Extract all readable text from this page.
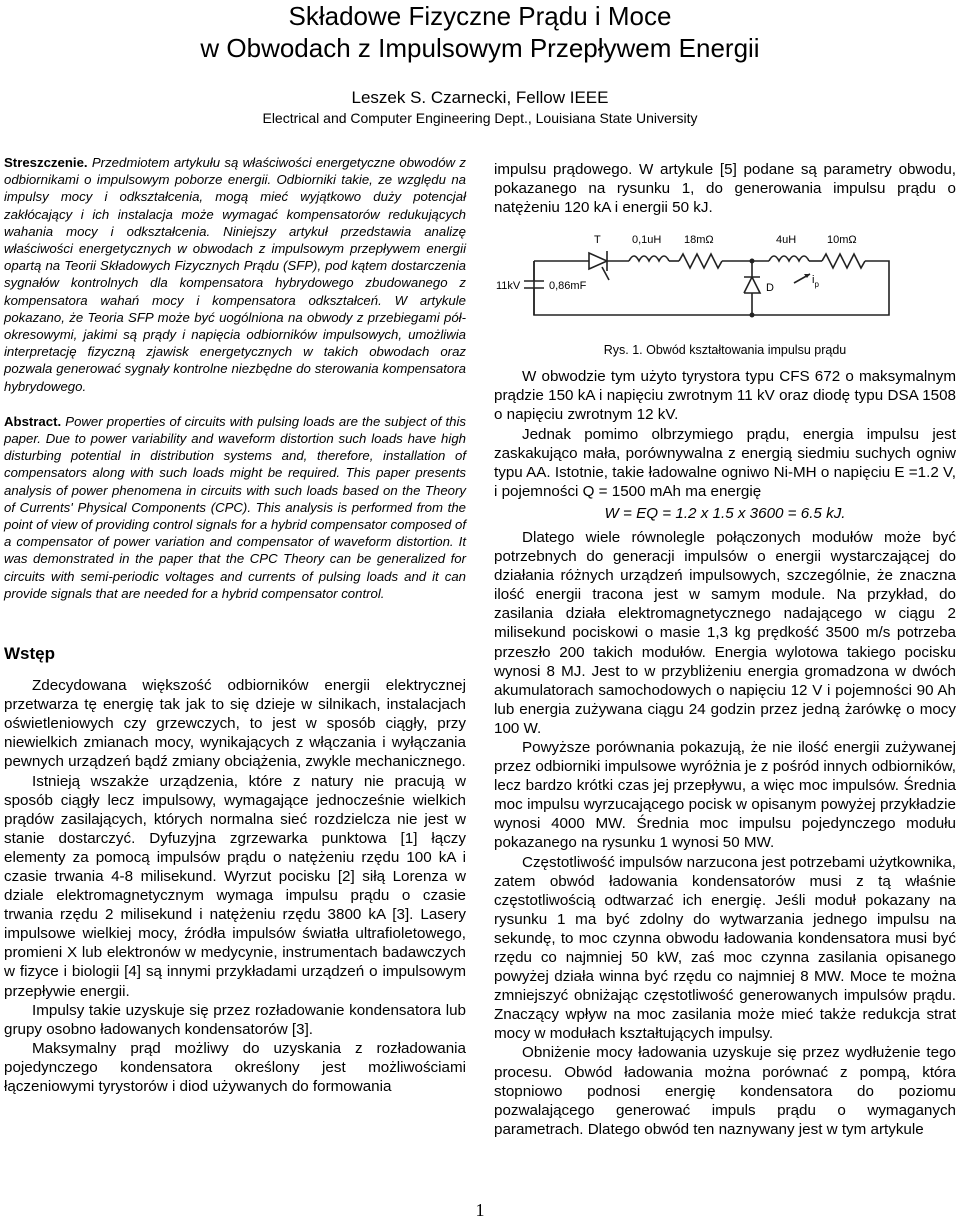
Składowe Fizyczne Prądu i Moce
w Obwodach z Impulsowym Przepływem Energii
Leszek S. Czarnecki, Fellow IEEE
Electrical and Computer Engineering Dept., Louisiana State University

Streszczenie. Przedmiotem artykułu są właściwości energetyczne obwodów z odbiornikami o impulsowym poborze energii. Odbiorniki takie, ze względu na impulsy mocy i odkształcenia, mogą mieć wyjątkowo duży potencjał zakłócający i ich instalacja może wymagać kompensatorów redukujących wahania mocy i odkształcenia. Niniejszy artykuł przedstawia analizę właściwości energetycznych w obwodach z impulsowym przepływem energii opartą na Teorii Składowych Fizycznych Prądu (SFP), pod kątem dostarczenia sygnałów kontrolnych dla kompensatora hybrydowego zbudowanego z kompensatora wahań mocy i kompensatora odkształceń. W artykule pokazano, że Teoria SFP może być uogólniona na obwody z przebiegami pół-okresowymi, jakimi są prądy i napięcia odbiorników impulsowych, umożliwia interpretację fizyczną zjawisk energetycznych w takich obwodach oraz pozwala generować sygnały kontrolne niezbędne do sterowania kompensatora hybrydowego.

Abstract. Power properties of circuits with pulsing loads are the subject of this paper. Due to power variability and waveform distortion such loads have high disturbing potential in distribution systems and, therefore, installation of compensators along with such loads might be required. This paper presents analysis of power phenomena in circuits with such loads based on the Theory of Currents' Physical Components (CPC). This analysis is performed from the point of view of providing control signals for a hybrid compensator composed of a compensator of power variation and compensator of waveform distortion. It was demonstrated in the paper that the CPC Theory can be generalized for circuits with semi-periodic voltages and currents of pulsing loads and it can provide signals that are needed for a hybrid compensator control.

Wstęp

Zdecydowana większość odbiorników energii elektrycznej przetwarza tę energię tak jak to się dzieje w silnikach, instalacjach oświetleniowych czy grzewczych, to jest w sposób ciągły, przy niewielkich zmianach mocy, wynikających z włączania i wyłączania pewnych urządzeń bądź zmiany obciążenia, zwykle mechanicznego.

Istnieją wszakże urządzenia, które z natury nie pracują w sposób ciągły lecz impulsowy, wymagające jednocześnie wielkich prądów zasilających, których normalna sieć rozdzielcza nie jest w stanie dostarczyć. Dyfuzyjna zgrzewarka punktowa [1] łączy elementy za pomocą impulsów prądu o natężeniu rzędu 100 kA i czasie trwania 4-8 milisekund. Wyrzut pocisku [2] siłą Lorenza w dziale elektromagnetycznym wymaga impulsu prądu o czasie trwania rzędu 2 milisekund i natężeniu rzędu 3800 kA [3]. Lasery impulsowe wielkiej mocy, źródła impulsów światła ultrafioletowego, promieni X lub elektronów w medycynie, instrumentach badawczych w fizyce i biologii [4] są innymi przykładami urządzeń o impulsowym przepływie energii.

Impulsy takie uzyskuje się przez rozładowanie kondensatora lub grupy osobno ładowanych kondensatorów [3].

Maksymalny prąd możliwy do uzyskania z rozładowania pojedynczego kondensatora określony jest możliwościami łączeniowymi tyrystorów i diod używanych do formowania

impulsu prądowego. W artykule [5] podane są parametry obwodu, pokazanego na rysunku 1, do generowania impulsu prądu o natężeniu 120 kA i energii 50 kJ.

T	0,1uH 18mΩ	4uH	10mΩ
11kV	0,86mF	D
$i_p$
Rys. 1. Obwód kształtowania impulsu prądu

W obwodzie tym użyto tyrystora typu CFS 672 o maksymalnym prądzie 150 kA i napięciu zwrotnym 11 kV oraz diodę typu DSA 1508 o napięciu zwrotnym 12 kV.

Jednak pomimo olbrzymiego prądu, energia impulsu jest zaskakująco mała, porównywalna z energią siedmiu suchych ogniw typu AA. Istotnie, takie ładowalne ogniwo Ni-MH o napięciu E =1.2 V, i pojemności Q = 1500 mAh ma energię

W = EQ = 1.2 x 1.5 x 3600 = 6.5 kJ.

Dlatego wiele równolegle połączonych modułów może być potrzebnych do generacji impulsów o energii wystarczającej do działania różnych urządzeń impulsowych, szczególnie, że znaczna ilość energii tracona jest w samym module. Na przykład, do zasilania działa elektromagnetycznego nadającego w ciągu 2 milisekund pociskowi o masie 1,3 kg prędkość 3500 m/s potrzeba przeszło 200 takich modułów. Energia wylotowa takiego pocisku wynosi 8 MJ. Jest to w przybliżeniu energia gromadzona w dwóch akumulatorach samochodowych o napięciu 12 V i pojemności 90 Ah lub energia zużywana ciągu 24 godzin przez jedną żarówkę o mocy 100 W.

Powyższe porównania pokazują, że nie ilość energii zużywanej przez odbiorniki impulsowe wyróżnia je z pośród innych odbiorników, lecz bardzo krótki czas jej przepływu, a więc moc impulsów. Średnia moc impulsu wyrzucającego pocisk w opisanym powyżej przykładzie wynosi 4000 MW. Średnia moc impulsu pojedynczego modułu pokazanego na rysunku 1 wynosi 50 MW.

Częstotliwość impulsów narzucona jest potrzebami użytkownika, zatem obwód ładowania kondensatorów musi z tą właśnie częstotliwością odtwarzać ich energię. Jeśli moduł pokazany na rysunku 1 ma być zdolny do wytwarzania jednego impulsu na sekundę, to moc czynna obwodu ładowania kondensatora musi być rzędu co najmniej 50 kW, zaś moc czynna zasilania opisanego powyżej działa winna być rzędu co najmniej 8 MW. Moce te można zmniejszyć obniżając częstotliwość generowanych impulsów prądu. Znaczący wpływ na moc zasilania może mieć także redukcja strat mocy w modułach kształtujących impulsy.

Obniżenie mocy ładowania uzyskuje się przez wydłużenie tego procesu. Obwód ładowania można porównać z pompą, która stopniowo podnosi energię kondensatora do poziomu pozwalającego generować impuls prądu o wymaganych parametrach. Dlatego obwód ten naznywany jest w tym artykule

1
